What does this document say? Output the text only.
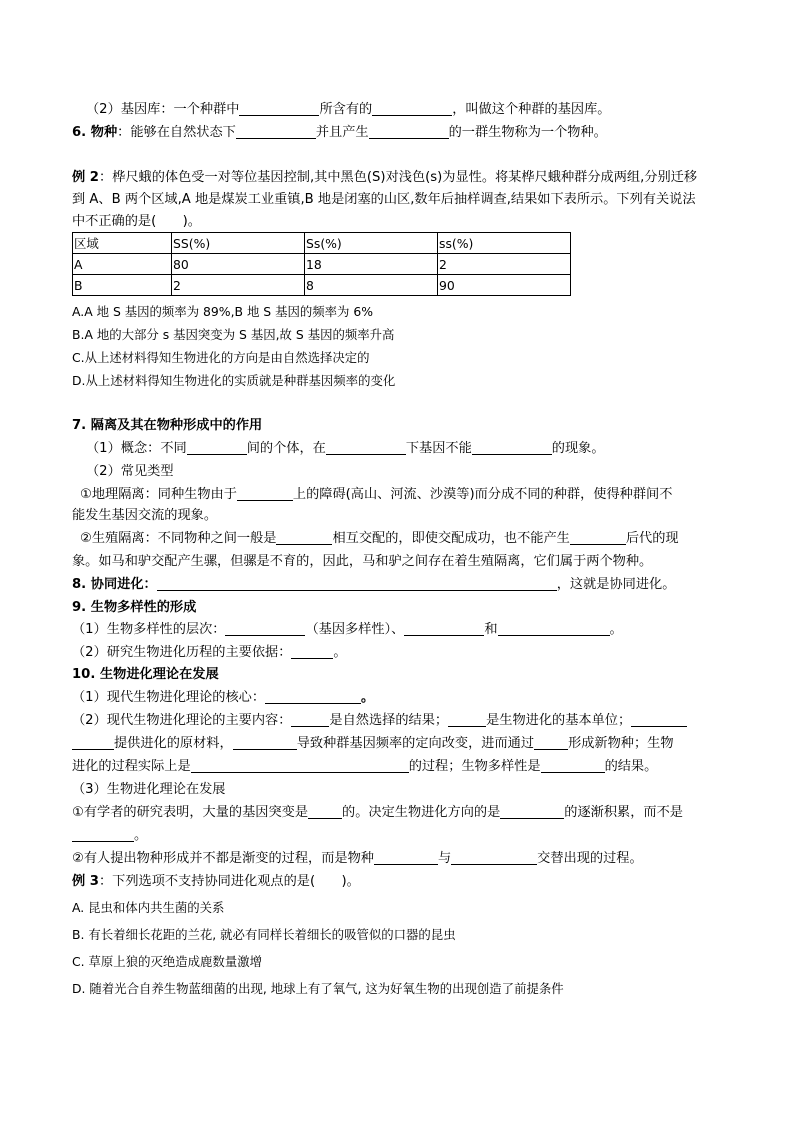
（2）基因库：一个种群中	所含有的	，叫做这个种群的基因库。
6. 物种：能够在自然状态下	并且产生	的一群生物称为一个物种。
例 2：桦尺蛾的体色受一对等位基因控制,其中黑色(S)对浅色(s)为显性。将某桦尺蛾种群分成两组,分别迁移
到 A、B 两个区域,A 地是煤炭工业重镇,B 地是闭塞的山区,数年后抽样调查,结果如下表所示。下列有关说法
中不正确的是(　　)。
区域	SS(%)	Ss(%)	ss(%)
A	80	18	2
B	2	8	90
A.A 地 S 基因的频率为 89%,B 地 S 基因的频率为 6%
B.A 地的大部分 s 基因突变为 S 基因,故 S 基因的频率升高
C.从上述材料得知生物进化的方向是由自然选择决定的
D.从上述材料得知生物进化的实质就是种群基因频率的变化
7. 隔离及其在物种形成中的作用
（1）概念：不同	间的个体，在	下基因不能	的现象。
（2）常见类型
①地理隔离：同种生物由于	上的障碍(高山、河流、沙漠等)而分成不同的种群，使得种群间不
能发生基因交流的现象。
②生殖隔离：不同物种之间一般是	相互交配的，即使交配成功，也不能产生	后代的现
象。如马和驴交配产生骡，但骡是不育的，因此，马和驴之间存在着生殖隔离，它们属于两个物种。
8. 协同进化：	，这就是协同进化。
9. 生物多样性的形成
（1）生物多样性的层次：	（基因多样性）、	和	。
（2）研究生物进化历程的主要依据：	。
10. 生物进化理论在发展
（1）现代生物进化理论的核心：	。
（2）现代生物进化理论的主要内容：	是自然选择的结果；	是生物进化的基本单位；
提供进化的原材料，	导致种群基因频率的定向改变，进而通过	形成新物种；生物
进化的过程实际上是	的过程；生物多样性是	的结果。
（3）生物进化理论在发展
①有学者的研究表明，大量的基因突变是	的。决定生物进化方向的是	的逐渐积累，而不是
。
②有人提出物种形成并不都是渐变的过程，而是物种	与	交替出现的过程。
例 3：下列选项不支持协同进化观点的是(　　)。
A. 昆虫和体内共生菌的关系
B. 有长着细长花距的兰花, 就必有同样长着细长的吸管似的口器的昆虫
C. 草原上狼的灭绝造成鹿数量激增
D. 随着光合自养生物蓝细菌的出现, 地球上有了氧气, 这为好氧生物的出现创造了前提条件
